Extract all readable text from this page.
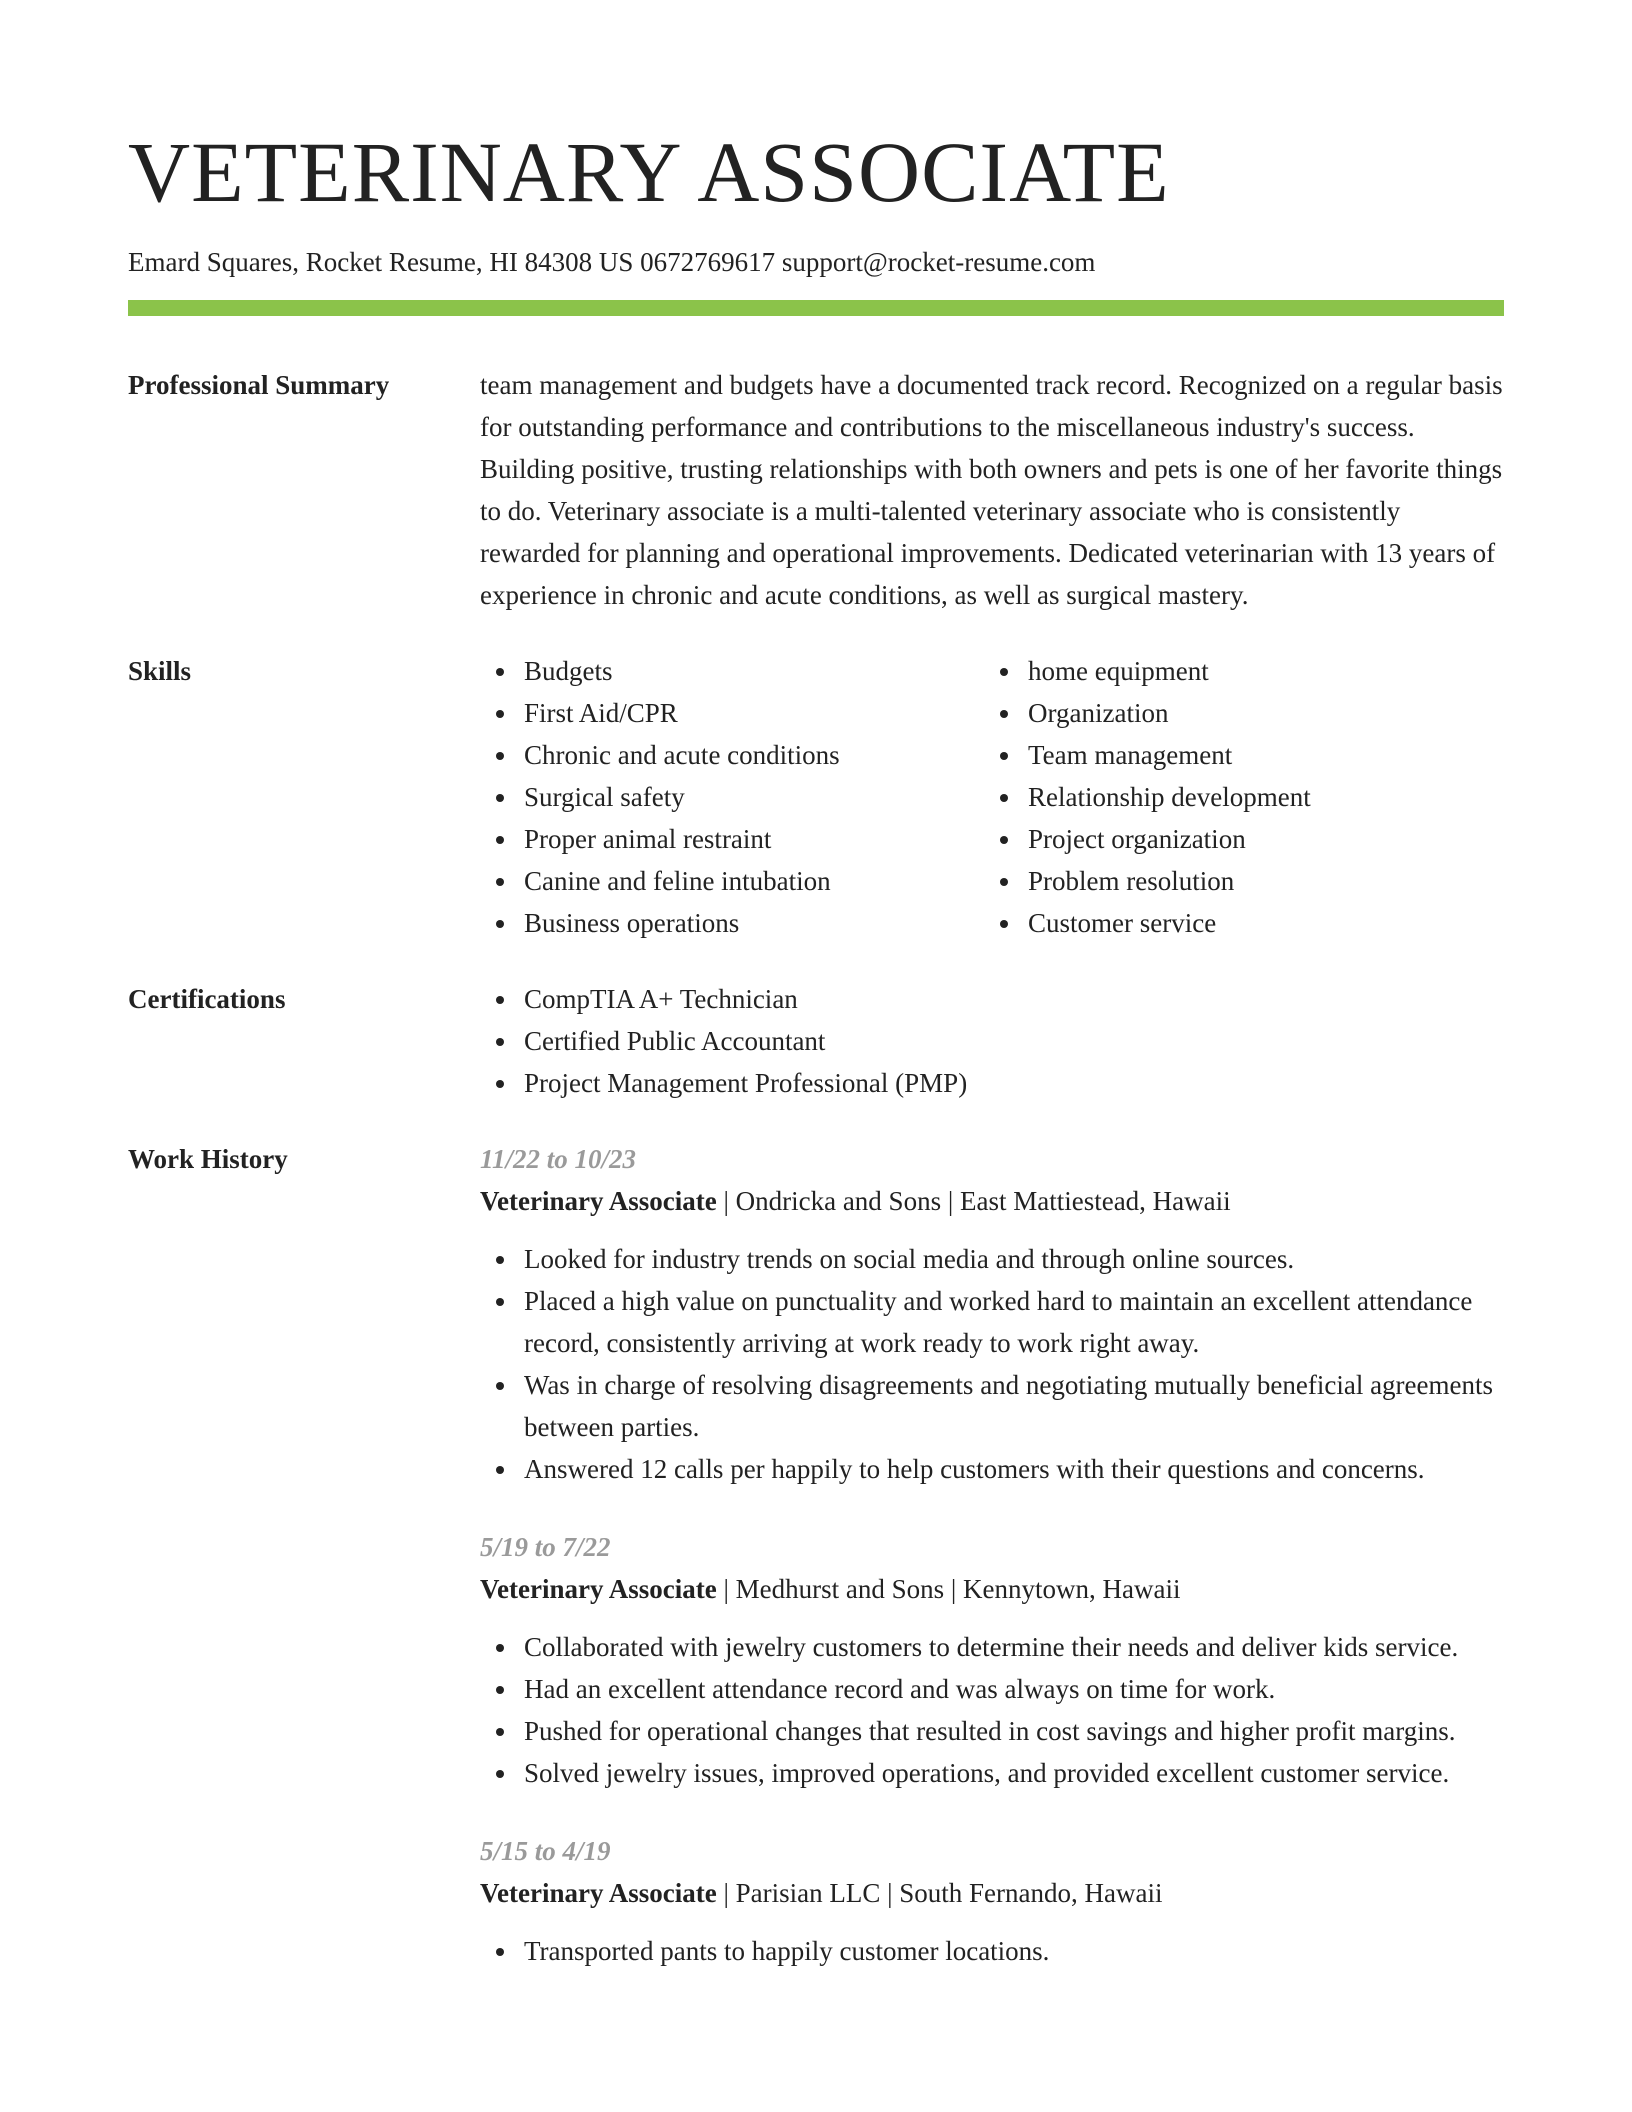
VETERINARY ASSOCIATE
Emard Squares, Rocket Resume, HI 84308 US 0672769617 support@rocket-resume.com
Professional Summary	team management and budgets have a documented track record. Recognized on a regular basis for outstanding performance and contributions to the miscellaneous industry's success. Building positive, trusting relationships with both owners and pets is one of her favorite things to do. Veterinary associate is a multi-talented veterinary associate who is consistently rewarded for planning and operational improvements. Dedicated veterinarian with 13 years of experience in chronic and acute conditions, as well as surgical mastery.
Skills	Budgets
First Aid/CPR
Chronic and acute conditions
Surgical safety
Proper animal restraint
Canine and feline intubation
Business operations
home equipment
Organization
Team management
Relationship development
Project organization
Problem resolution
Customer service
Certifications	CompTIA A+ Technician
Certified Public Accountant
Project Management Professional (PMP)
Work History	11/22 to 10/23
Veterinary Associate | Ondricka and Sons | East Mattiestead, Hawaii
Looked for industry trends on social media and through online sources.
Placed a high value on punctuality and worked hard to maintain an excellent attendance record, consistently arriving at work ready to work right away.
Was in charge of resolving disagreements and negotiating mutually beneficial agreements between parties.
Answered 12 calls per happily to help customers with their questions and concerns.
5/19 to 7/22
Veterinary Associate | Medhurst and Sons | Kennytown, Hawaii
Collaborated with jewelry customers to determine their needs and deliver kids service.
Had an excellent attendance record and was always on time for work.
Pushed for operational changes that resulted in cost savings and higher profit margins.
Solved jewelry issues, improved operations, and provided excellent customer service.
5/15 to 4/19
Veterinary Associate | Parisian LLC | South Fernando, Hawaii
Transported pants to happily customer locations.
